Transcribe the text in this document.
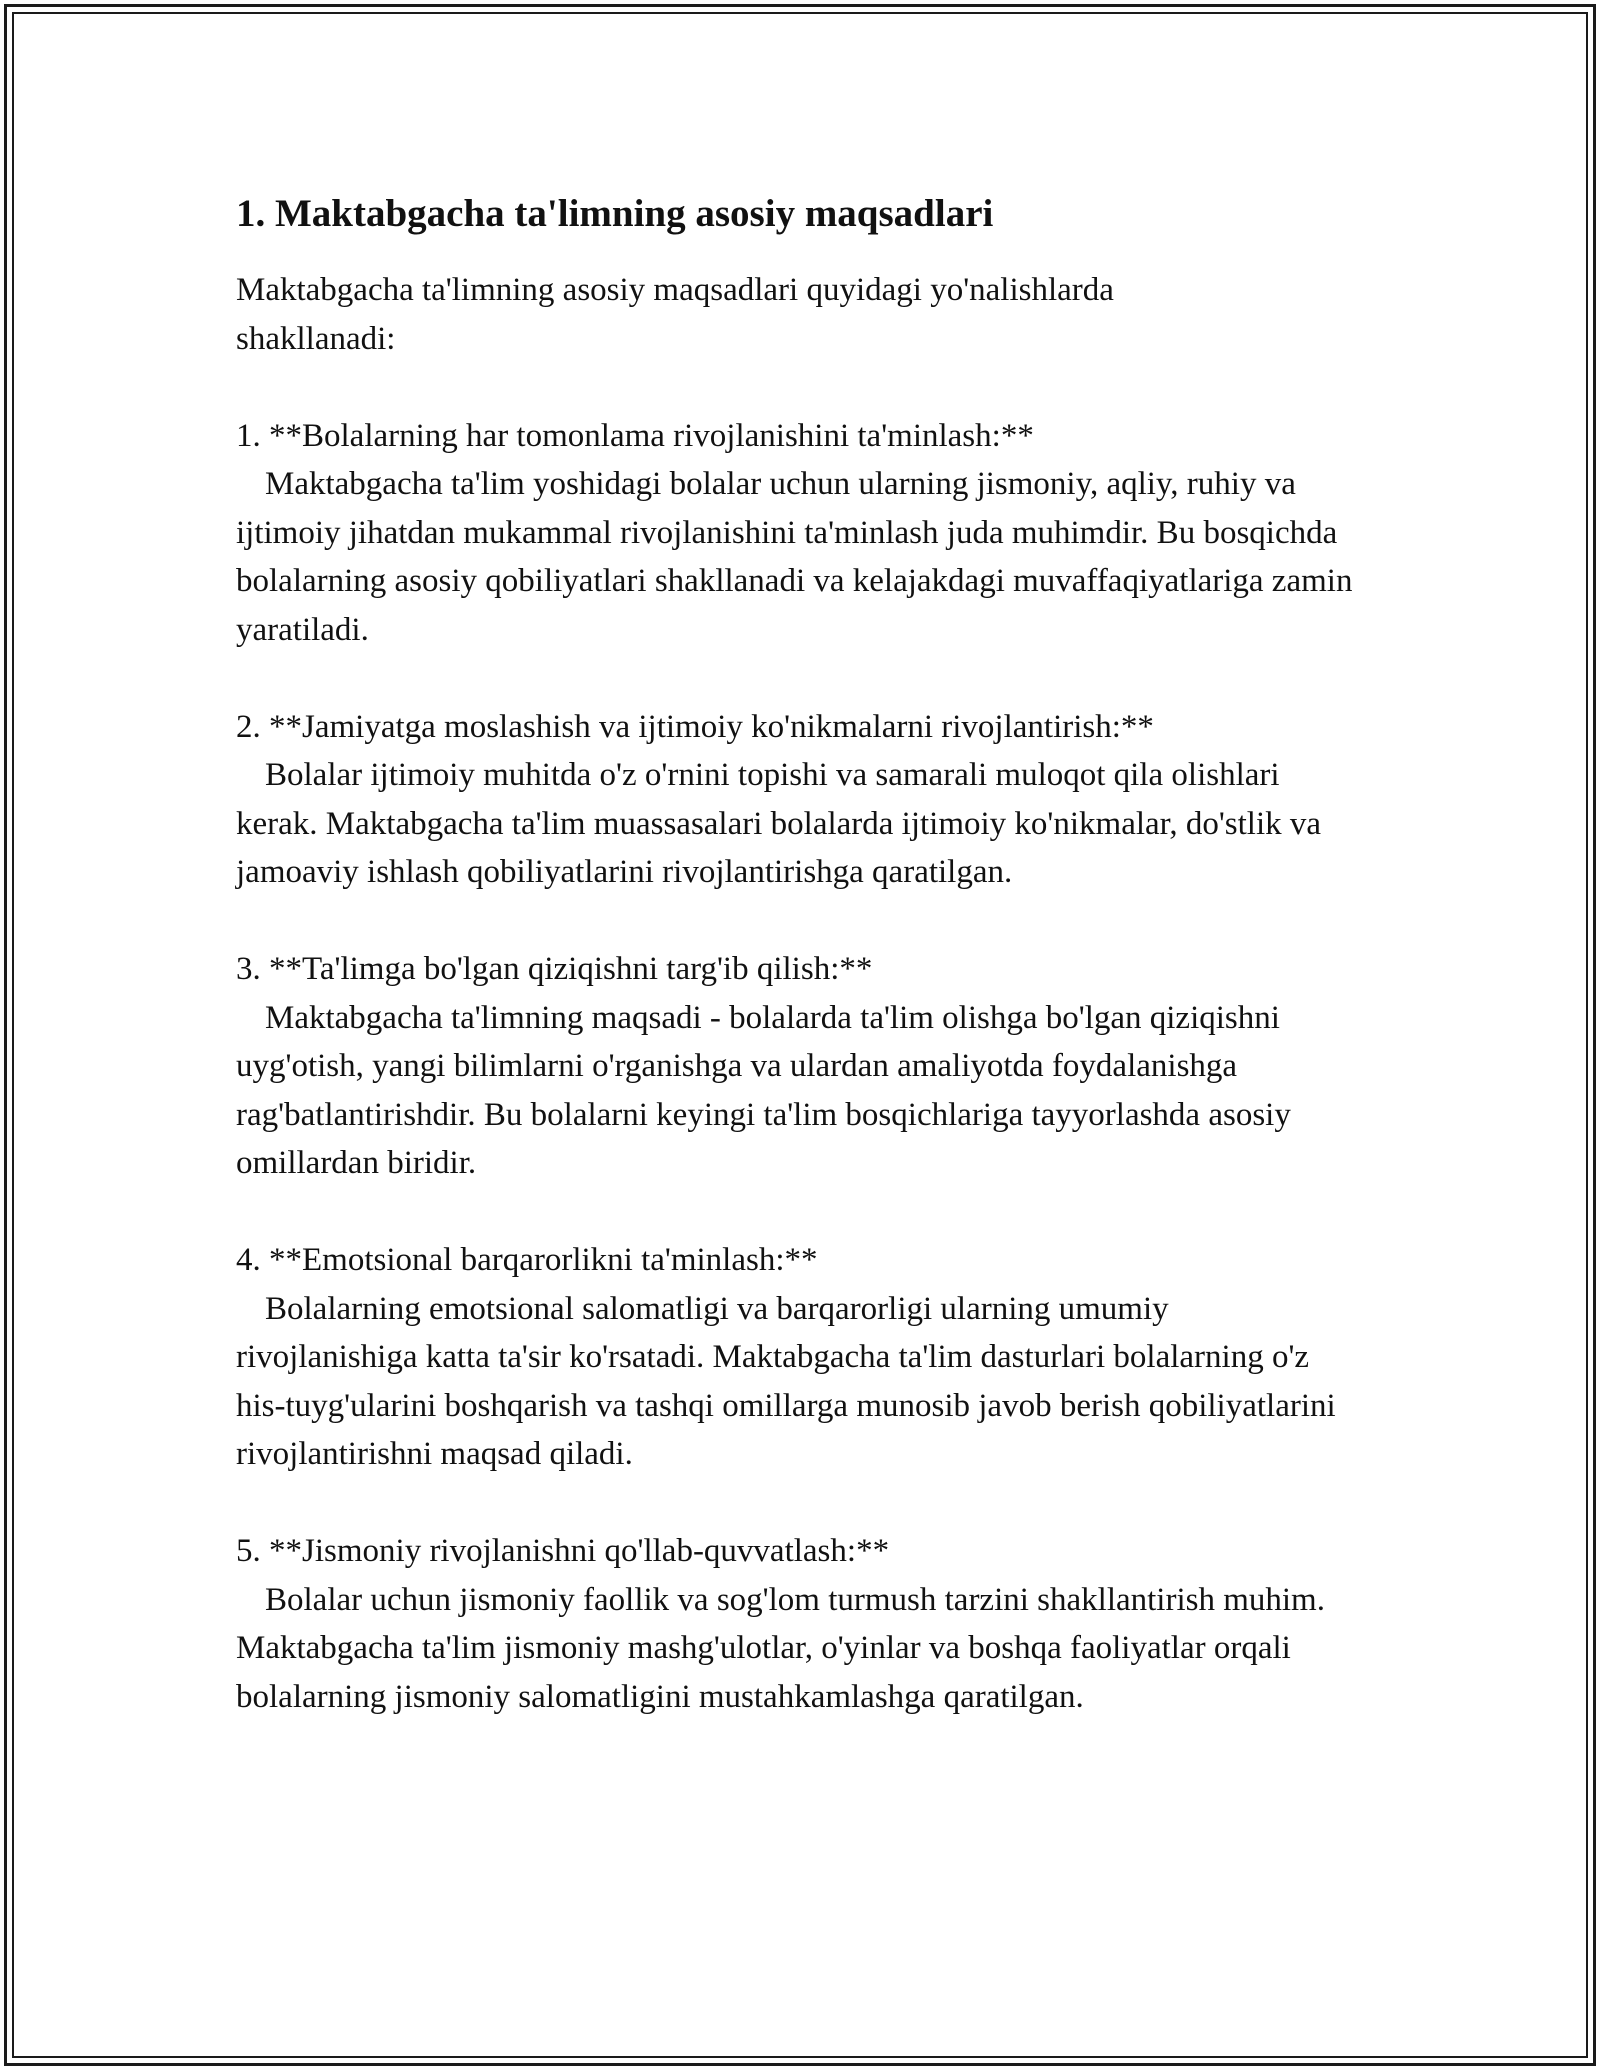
1. Maktabgacha ta'limning asosiy maqsadlari

Maktabgacha ta'limning asosiy maqsadlari quyidagi yo'nalishlarda
shakllanadi:

1. **Bolalarning har tomonlama rivojlanishini ta'minlash:**

Maktabgacha ta'lim yoshidagi bolalar uchun ularning jismoniy, aqliy, ruhiy va ijtimoiy jihatdan mukammal rivojlanishini ta'minlash juda muhimdir. Bu bosqichda bolalarning asosiy qobiliyatlari shakllanadi va kelajakdagi muvaffaqiyatlariga zamin yaratiladi.

2. **Jamiyatga moslashish va ijtimoiy ko'nikmalarni rivojlantirish:**

Bolalar ijtimoiy muhitda o'z o'rnini topishi va samarali muloqot qila olishlari kerak. Maktabgacha ta'lim muassasalari bolalarda ijtimoiy ko'nikmalar, do'stlik va jamoaviy ishlash qobiliyatlarini rivojlantirishga qaratilgan.

3. **Ta'limga bo'lgan qiziqishni targ'ib qilish:**

Maktabgacha ta'limning maqsadi - bolalarda ta'lim olishga bo'lgan qiziqishni uyg'otish, yangi bilimlarni o'rganishga va ulardan amaliyotda foydalanishga rag'batlantirishdir. Bu bolalarni keyingi ta'lim bosqichlariga tayyorlashda asosiy omillardan biridir.

4. **Emotsional barqarorlikni ta'minlash:**

Bolalarning emotsional salomatligi va barqarorligi ularning umumiy rivojlanishiga katta ta'sir ko'rsatadi. Maktabgacha ta'lim dasturlari bolalarning o'z his-tuyg'ularini boshqarish va tashqi omillarga munosib javob berish qobiliyatlarini rivojlantirishni maqsad qiladi.

5. **Jismoniy rivojlanishni qo'llab-quvvatlash:**

Bolalar uchun jismoniy faollik va sog'lom turmush tarzini shakllantirish muhim. Maktabgacha ta'lim jismoniy mashg'ulotlar, o'yinlar va boshqa faoliyatlar orqali bolalarning jismoniy salomatligini mustahkamlashga qaratilgan.
